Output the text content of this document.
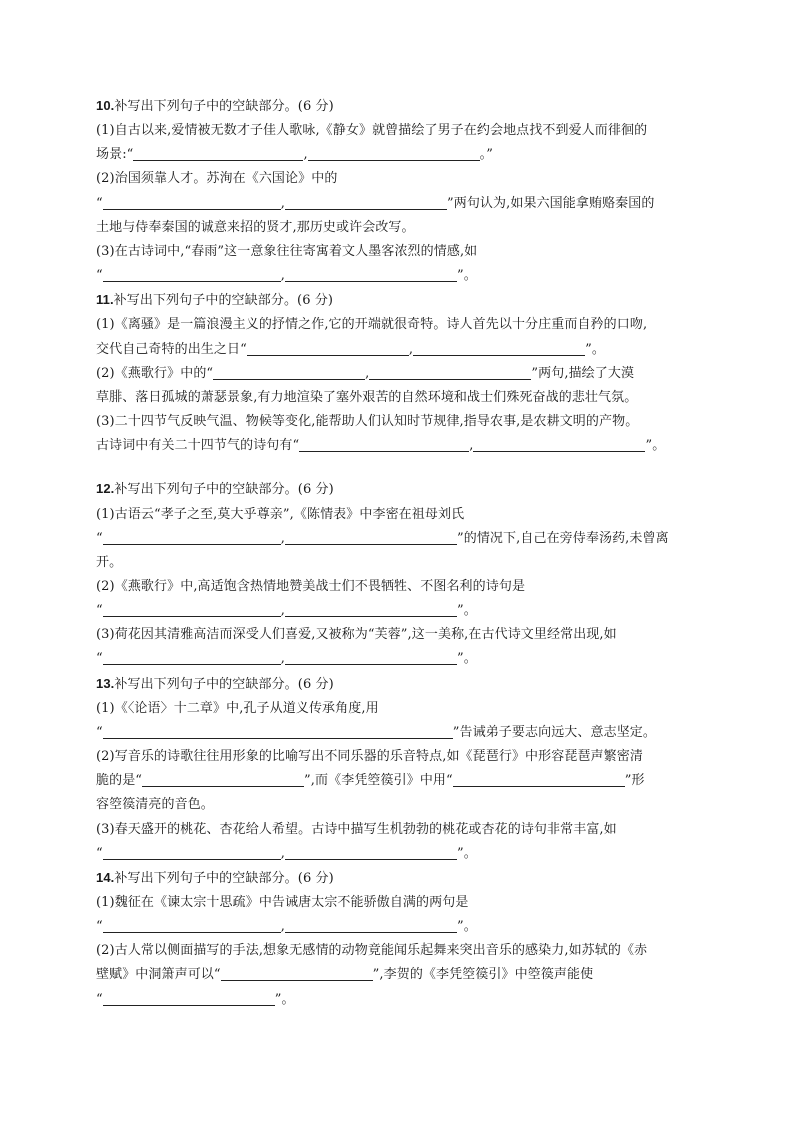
10.补写出下列句子中的空缺部分。(6 分)
(1)自古以来,爱情被无数才子佳人歌咏,《静女》就曾描绘了男子在约会地点找不到爱人而徘徊的
场景:“	,	。”
(2)治国须靠人才。苏洵在《六国论》中的
“	,	”两句认为,如果六国能拿贿赂秦国的
土地与侍奉秦国的诚意来招的贤才,那历史或许会改写。
(3)在古诗词中,“春雨”这一意象往往寄寓着文人墨客浓烈的情感,如
“	,	”。
11.补写出下列句子中的空缺部分。(6 分)
(1)《离骚》是一篇浪漫主义的抒情之作,它的开端就很奇特。诗人首先以十分庄重而自矜的口吻,
交代自己奇特的出生之日“	,	”。
(2)《燕歌行》中的“	,	”两句,描绘了大漠
草腓、落日孤城的萧瑟景象,有力地渲染了塞外艰苦的自然环境和战士们殊死奋战的悲壮气氛。
(3)二十四节气反映气温、物候等变化,能帮助人们认知时节规律,指导农事,是农耕文明的产物。
古诗词中有关二十四节气的诗句有“	,	”。
12.补写出下列句子中的空缺部分。(6 分)
(1)古语云“孝子之至,莫大乎尊亲”,《陈情表》中李密在祖母刘氏
“	,	”的情况下,自己在旁侍奉汤药,未曾离
开。
(2)《燕歌行》中,高适饱含热情地赞美战士们不畏牺牲、不图名利的诗句是
“	,	”。
(3)荷花因其清雅高洁而深受人们喜爱,又被称为“芙蓉”,这一美称,在古代诗文里经常出现,如
“	,	”。
13.补写出下列句子中的空缺部分。(6 分)
(1)《〈论语〉十二章》中,孔子从道义传承角度,用
“	”告诫弟子要志向远大、意志坚定。
(2)写音乐的诗歌往往用形象的比喻写出不同乐器的乐音特点,如《琵琶行》中形容琵琶声繁密清
脆的是“	”,而《李凭箜篌引》中用“	”形
容箜篌清亮的音色。
(3)春天盛开的桃花、杏花给人希望。古诗中描写生机勃勃的桃花或杏花的诗句非常丰富,如
“	,	”。
14.补写出下列句子中的空缺部分。(6 分)
(1)魏征在《谏太宗十思疏》中告诫唐太宗不能骄傲自满的两句是
“	,	”。
(2)古人常以侧面描写的手法,想象无感情的动物竟能闻乐起舞来突出音乐的感染力,如苏轼的《赤
壁赋》中洞箫声可以“	”,李贺的《李凭箜篌引》中箜篌声能使
“	”。
